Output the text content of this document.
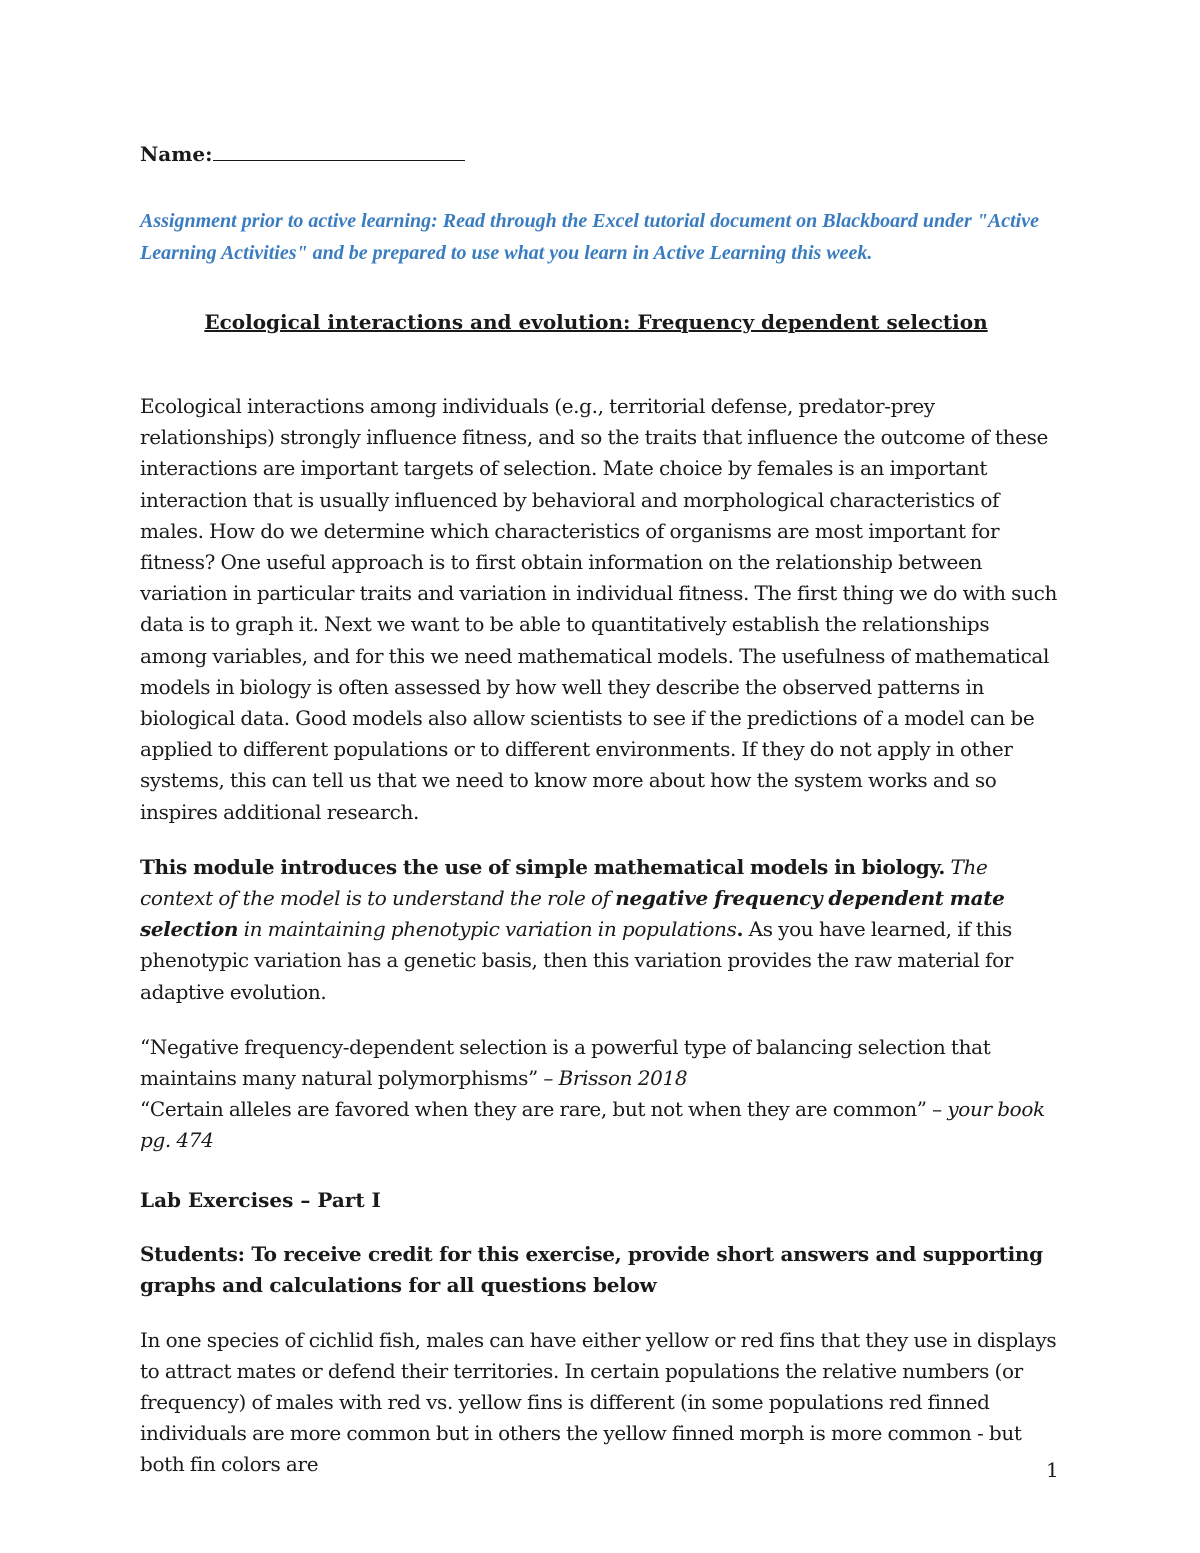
Name:

Assignment prior to active learning: Read through the Excel tutorial document on Blackboard under "Active Learning Activities" and be prepared to use what you learn in Active Learning this week.
Ecological interactions and evolution: Frequency dependent selection

Ecological interactions among individuals (e.g., territorial defense, predator-prey relationships) strongly influence fitness, and so the traits that influence the outcome of these interactions are important targets of selection. Mate choice by females is an important interaction that is usually influenced by behavioral and morphological characteristics of males. How do we determine which characteristics of organisms are most important for fitness? One useful approach is to first obtain information on the relationship between variation in particular traits and variation in individual fitness. The first thing we do with such data is to graph it. Next we want to be able to quantitatively establish the relationships among variables, and for this we need mathematical models. The usefulness of mathematical models in biology is often assessed by how well they describe the observed patterns in biological data. Good models also allow scientists to see if the predictions of a model can be applied to different populations or to different environments. If they do not apply in other systems, this can tell us that we need to know more about how the system works and so inspires additional research.

This module introduces the use of simple mathematical models in biology. The context of the model is to understand the role of negative frequency dependent mate selection in maintaining phenotypic variation in populations. As you have learned, if this phenotypic variation has a genetic basis, then this variation provides the raw material for adaptive evolution.

“Negative frequency-dependent selection is a powerful type of balancing selection that maintains many natural polymorphisms” – Brisson 2018
“Certain alleles are favored when they are rare, but not when they are common” – your book pg. 474

Lab Exercises – Part I
Students: To receive credit for this exercise, provide short answers and supporting graphs and calculations for all questions below

In one species of cichlid fish, males can have either yellow or red fins that they use in displays to attract mates or defend their territories. In certain populations the relative numbers (or frequency) of males with red vs. yellow fins is different (in some populations red finned individuals are more common but in others the yellow finned morph is more common - but both fin colors are	1
